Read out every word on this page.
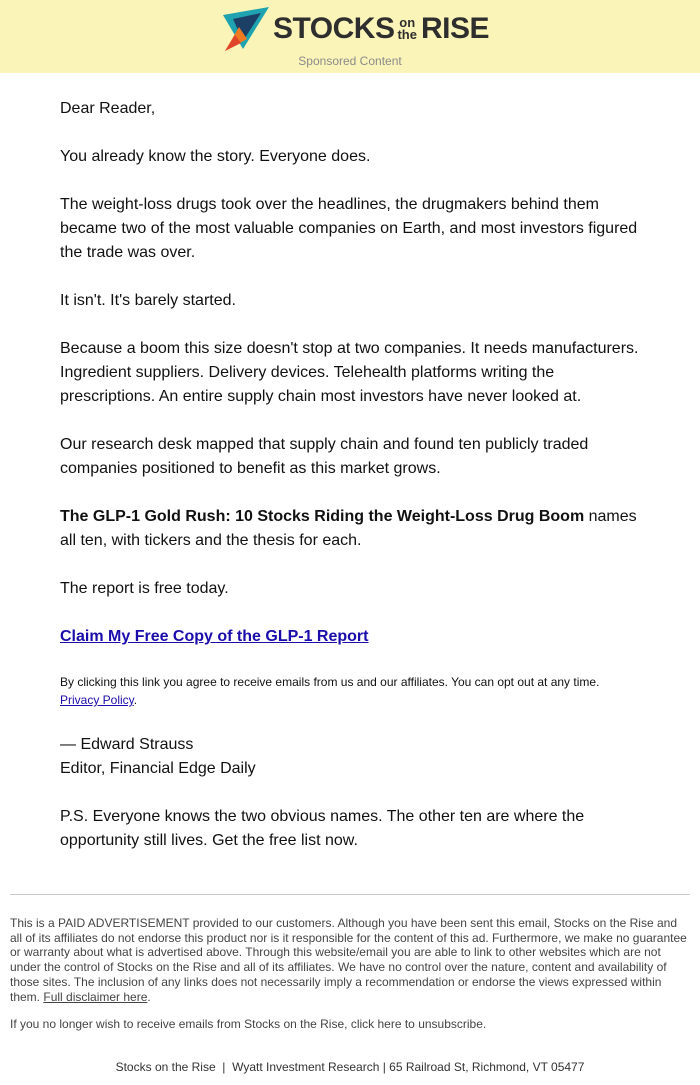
STOCKS on
the RISE
Sponsored Content

Dear Reader,

You already know the story. Everyone does.

The weight-loss drugs took over the headlines, the drugmakers behind them became two of the most valuable companies on Earth, and most investors figured the trade was over.

It isn't. It's barely started.

Because a boom this size doesn't stop at two companies. It needs manufacturers. Ingredient suppliers. Delivery devices. Telehealth platforms writing the prescriptions. An entire supply chain most investors have never looked at.

Our research desk mapped that supply chain and found ten publicly traded companies positioned to benefit as this market grows.

The GLP-1 Gold Rush: 10 Stocks Riding the Weight-Loss Drug Boom names all ten, with tickers and the thesis for each.

The report is free today.

Claim My Free Copy of the GLP-1 Report

By clicking this link you agree to receive emails from us and our affiliates. You can opt out at any time.
Privacy Policy.

— Edward Strauss
Editor, Financial Edge Daily

P.S. Everyone knows the two obvious names. The other ten are where the opportunity still lives. Get the free list now.

This is a PAID ADVERTISEMENT provided to our customers. Although you have been sent this email, Stocks on the Rise and all of its affiliates do not endorse this product nor is it responsible for the content of this ad. Furthermore, we make no guarantee or warranty about what is advertised above. Through this website/email you are able to link to other websites which are not under the control of Stocks on the Rise and all of its affiliates. We have no control over the nature, content and availability of those sites. The inclusion of any links does not necessarily imply a recommendation or endorse the views expressed within them. Full disclaimer here.
If you no longer wish to receive emails from Stocks on the Rise, click here to unsubscribe.
Stocks on the Rise  |  Wyatt Investment Research | 65 Railroad St, Richmond, VT 05477
